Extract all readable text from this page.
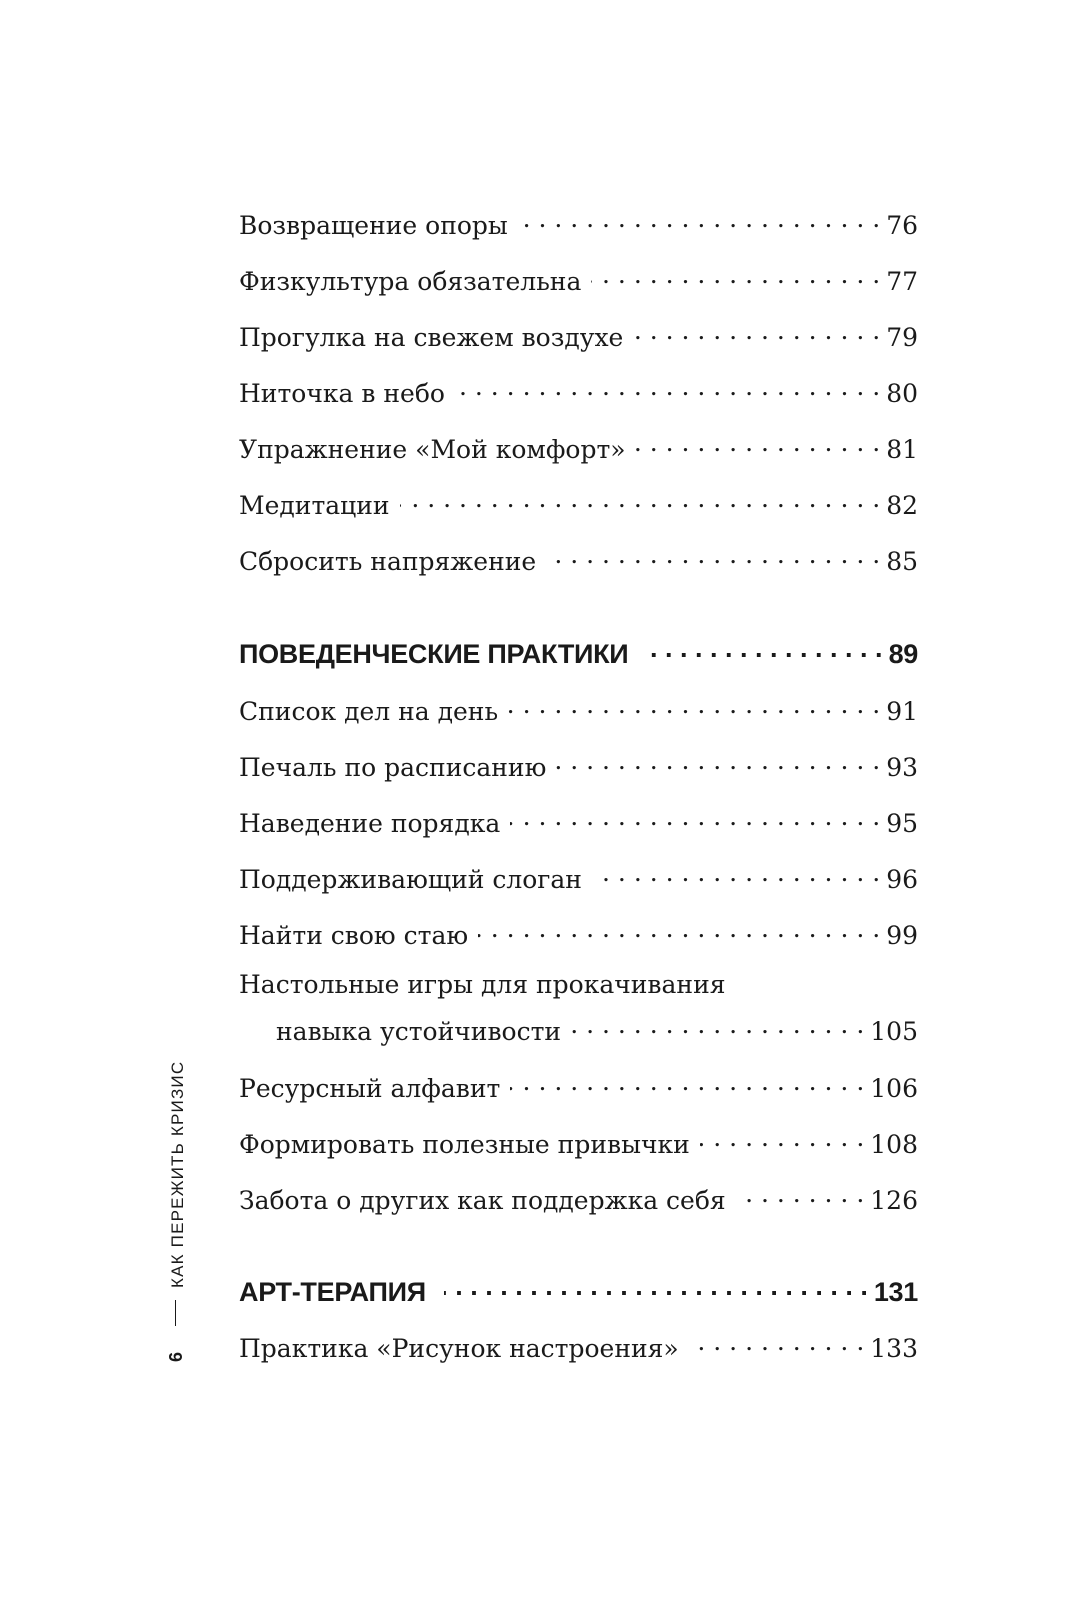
Возвращение опоры . . .	76
Физкультура обязательна . . .	77
Прогулка на свежем воздухе . . .	79
Ниточка в небо . . .	80
Упражнение «Мой комфорт» . . .	81
Медитации . . .	82
Сбросить напряжение . . .	85
ПОВЕДЕНЧЕСКИЕ ПРАКТИКИ . . .	89
Список дел на день . . .	91
Печаль по расписанию . . .	93
Наведение порядка . . .	95
Поддерживающий слоган . . .	96
Найти свою стаю . . .	99
Настольные игры для прокачивания
навыка устойчивости . . .	105
Ресурсный алфавит . . .	106
Формировать полезные привычки . . .	108
Забота о других как поддержка себя . . .	126
АРТ-ТЕРАПИЯ . . .	131
Практика «Рисунок настроения» . . .	133
КАК ПЕРЕЖИТЬ КРИЗИС
6
